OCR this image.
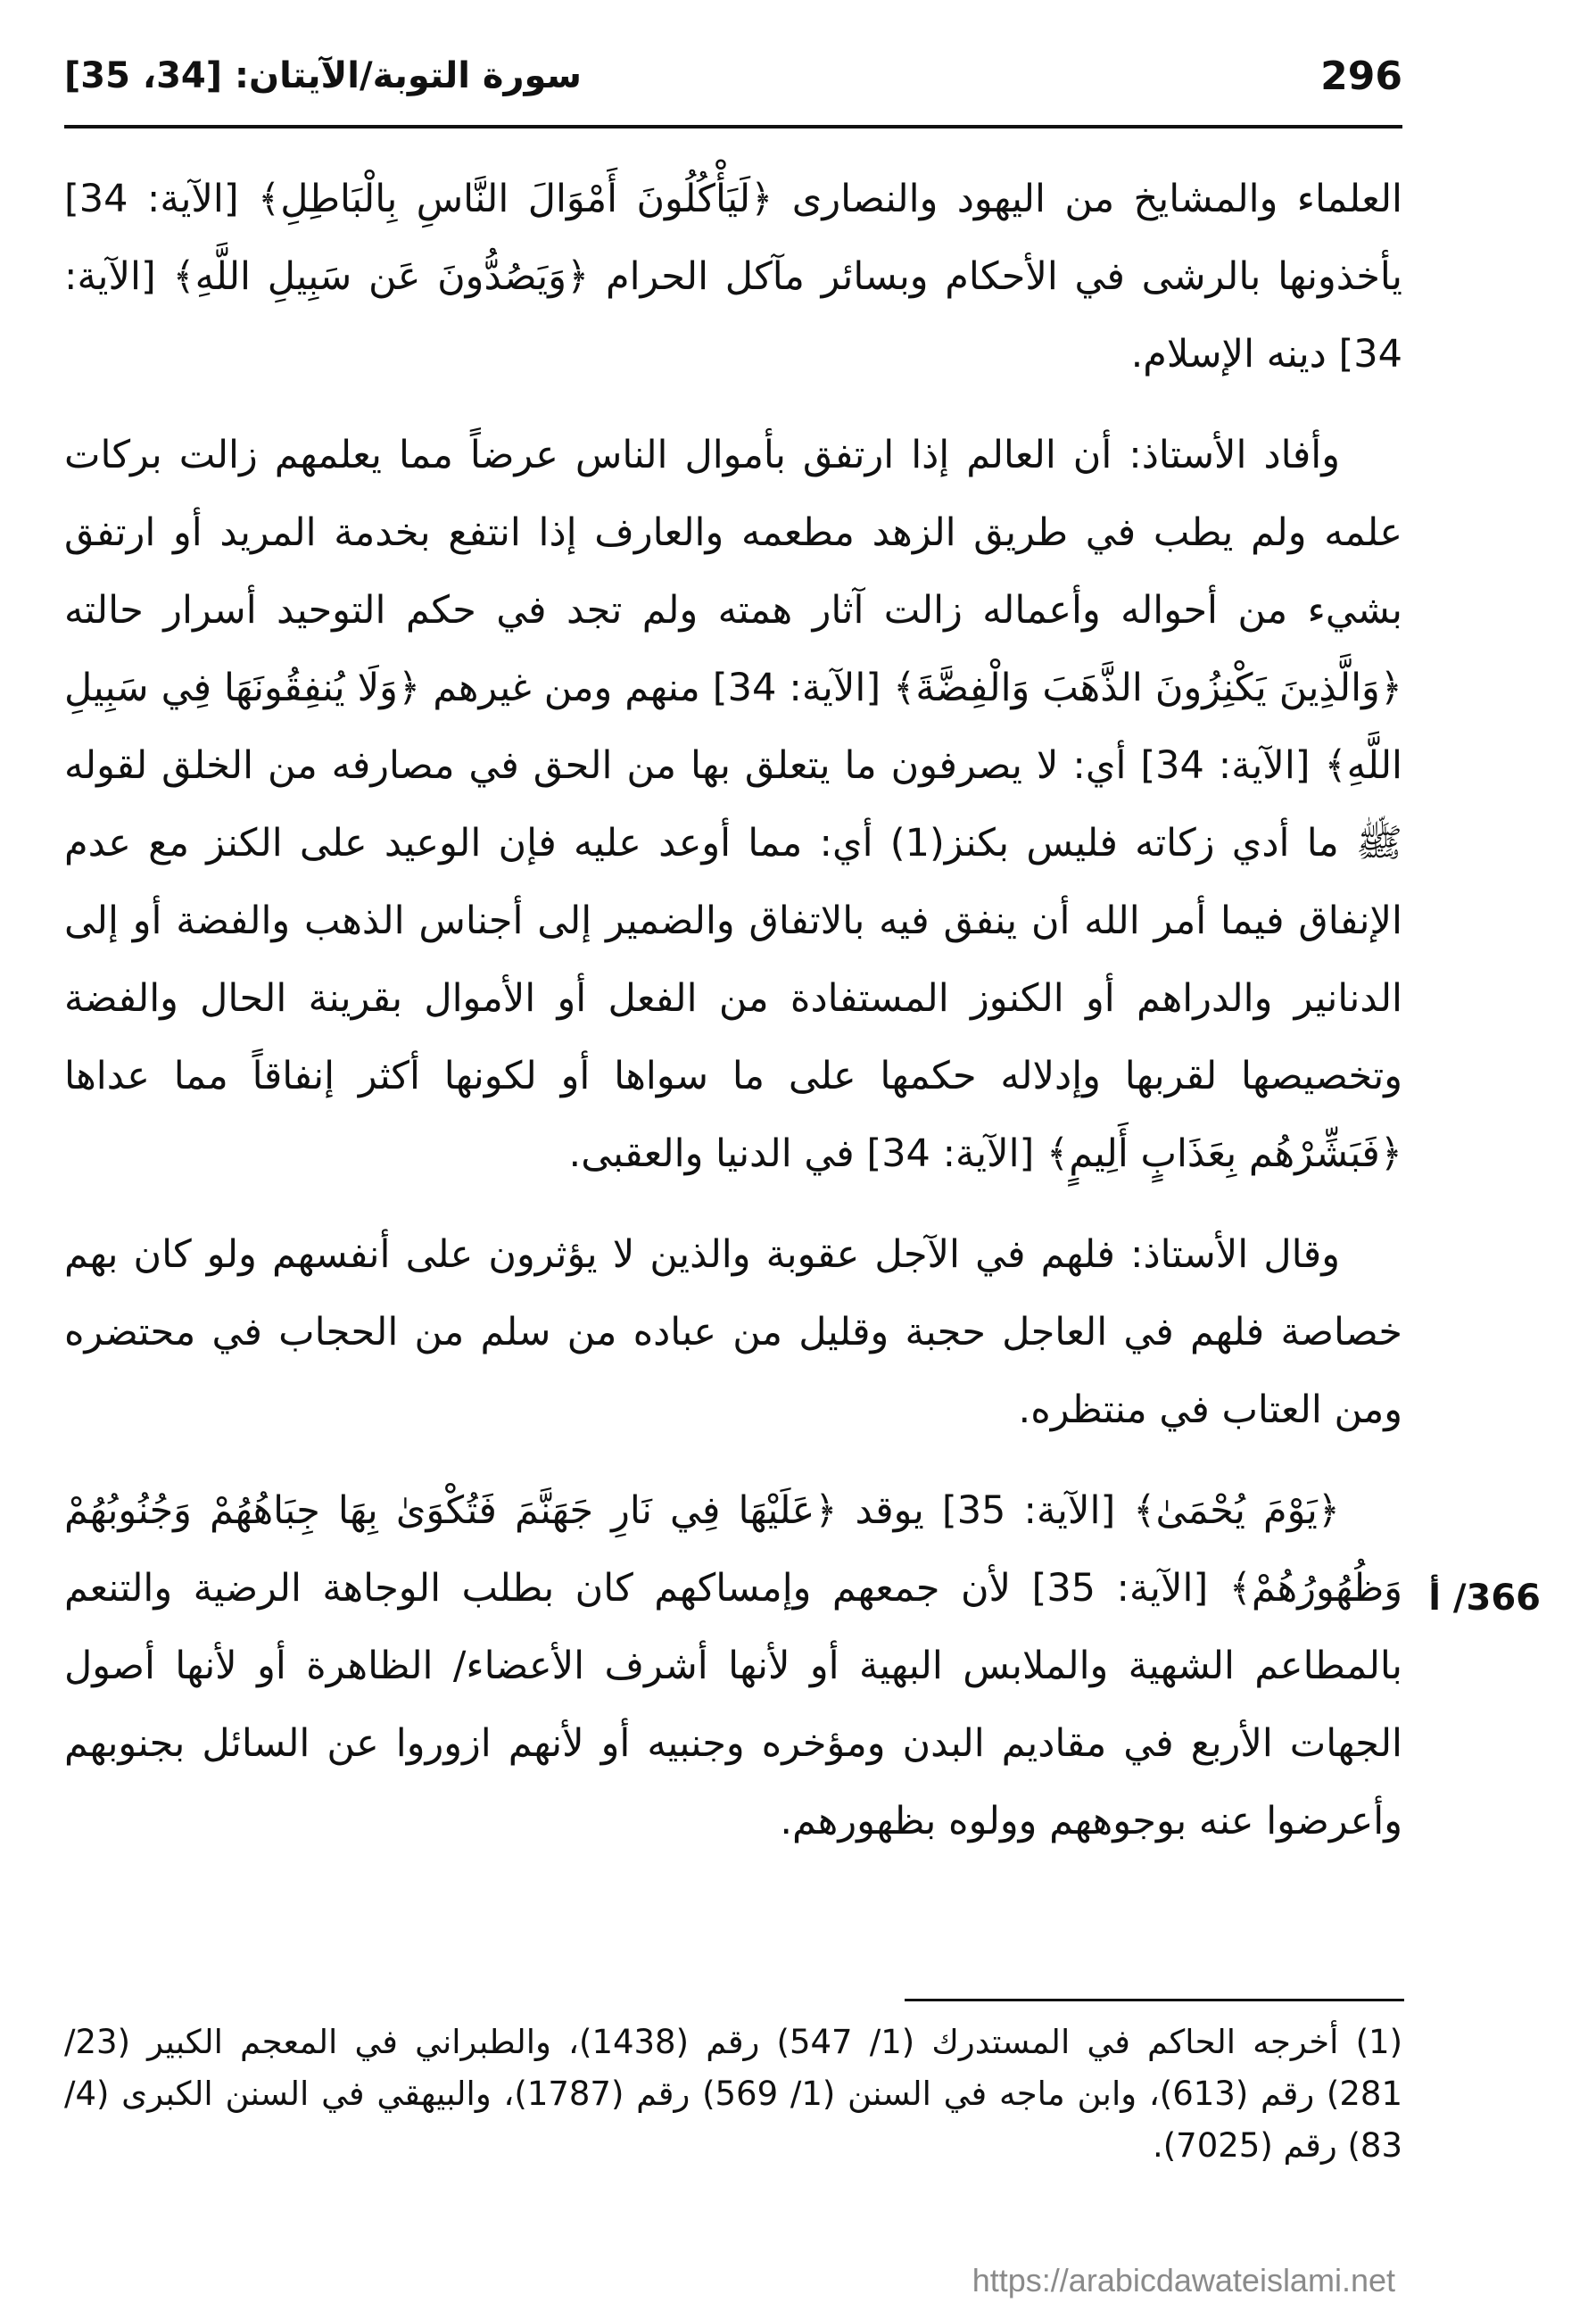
296
سورة التوبة/الآيتان: [34، 35]

العلماء والمشايخ من اليهود والنصارى ﴿لَيَأْكُلُونَ أَمْوَالَ النَّاسِ بِالْبَاطِلِ﴾ [الآية: 34] يأخذونها بالرشى في الأحكام وبسائر مآكل الحرام ﴿وَيَصُدُّونَ عَن سَبِيلِ اللَّهِ﴾ [الآية: 34] دينه الإسلام.

وأفاد الأستاذ: أن العالم إذا ارتفق بأموال الناس عرضاً مما يعلمهم زالت بركات علمه ولم يطب في طريق الزهد مطعمه والعارف إذا انتفع بخدمة المريد أو ارتفق بشيء من أحواله وأعماله زالت آثار همته ولم تجد في حكم التوحيد أسرار حالته ﴿وَالَّذِينَ يَكْنِزُونَ الذَّهَبَ وَالْفِضَّةَ﴾ [الآية: 34] منهم ومن غيرهم ﴿وَلَا يُنفِقُونَهَا فِي سَبِيلِ اللَّهِ﴾ [الآية: 34] أي: لا يصرفون ما يتعلق بها من الحق في مصارفه من الخلق لقوله ﷺ ما أدي زكاته فليس بكنز(1) أي: مما أوعد عليه فإن الوعيد على الكنز مع عدم الإنفاق فيما أمر الله أن ينفق فيه بالاتفاق والضمير إلى أجناس الذهب والفضة أو إلى الدنانير والدراهم أو الكنوز المستفادة من الفعل أو الأموال بقرينة الحال والفضة وتخصيصها لقربها وإدلاله حكمها على ما سواها أو لكونها أكثر إنفاقاً مما عداها ﴿فَبَشِّرْهُم بِعَذَابٍ أَلِيمٍ﴾ [الآية: 34] في الدنيا والعقبى.

وقال الأستاذ: فلهم في الآجل عقوبة والذين لا يؤثرون على أنفسهم ولو كان بهم خصاصة فلهم في العاجل حجبة وقليل من عباده من سلم من الحجاب في محتضره ومن العتاب في منتظره.

﴿يَوْمَ يُحْمَىٰ﴾ [الآية: 35] يوقد ﴿عَلَيْهَا فِي نَارِ جَهَنَّمَ فَتُكْوَىٰ بِهَا جِبَاهُهُمْ وَجُنُوبُهُمْ وَظُهُورُهُمْ﴾ [الآية: 35] لأن جمعهم وإمساكهم كان بطلب الوجاهة الرضية والتنعم بالمطاعم الشهية والملابس البهية أو لأنها أشرف الأعضاء/ الظاهرة أو لأنها أصول الجهات الأربع في مقاديم البدن ومؤخره وجنبيه أو لأنهم ازوروا عن السائل بجنوبهم وأعرضوا عنه بوجوههم وولوه بظهورهم.

366/ أ

(1) أخرجه الحاكم في المستدرك (1/ 547) رقم (1438)، والطبراني في المعجم الكبير (23/ 281) رقم (613)، وابن ماجه في السنن (1/ 569) رقم (1787)، والبيهقي في السنن الكبرى (4/ 83) رقم (7025).

https://arabicdawateislami.net
